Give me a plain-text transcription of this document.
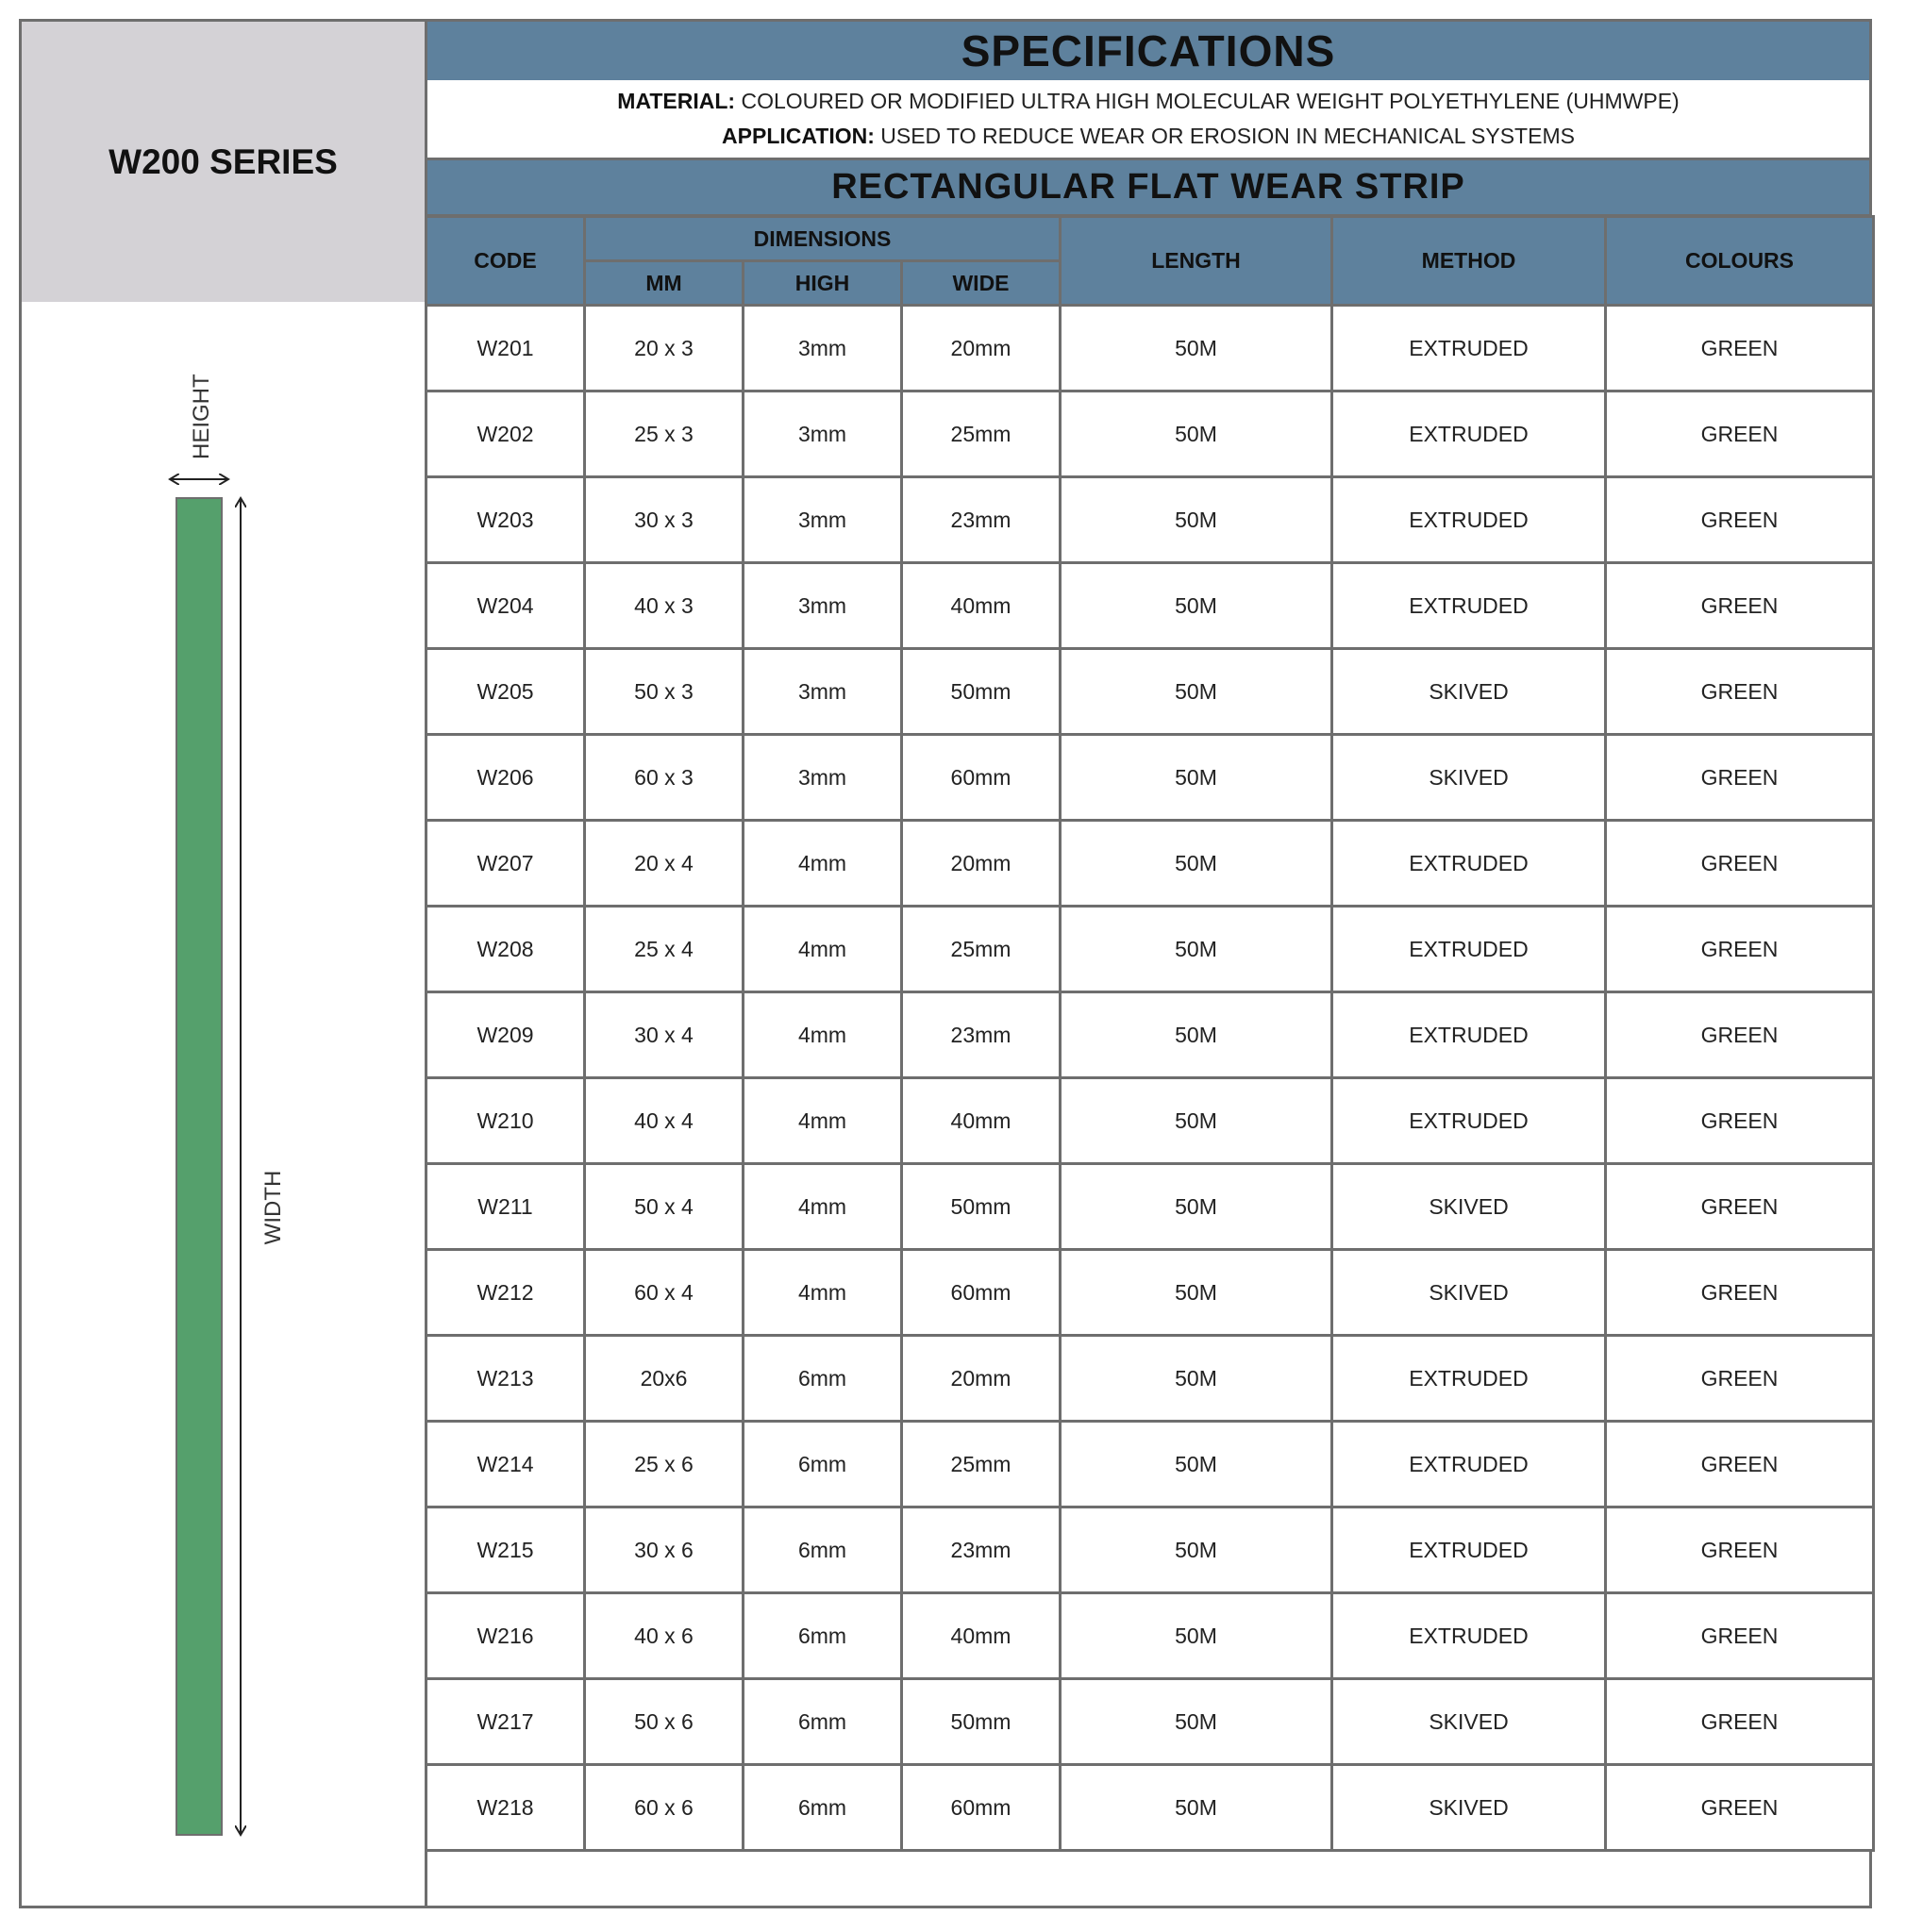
W200 SERIES
SPECIFICATIONS
MATERIAL: COLOURED OR MODIFIED ULTRA HIGH MOLECULAR WEIGHT POLYETHYLENE (UHMWPE)
APPLICATION: USED TO REDUCE WEAR OR EROSION IN MECHANICAL SYSTEMS
RECTANGULAR FLAT WEAR STRIP
CODE	DIMENSIONS			LENGTH	METHOD	COLOURS
	MM	HIGH	WIDE			
W201	20 x 3	3mm	20mm	50M	EXTRUDED	GREEN
W202	25 x 3	3mm	25mm	50M	EXTRUDED	GREEN
W203	30 x 3	3mm	23mm	50M	EXTRUDED	GREEN
W204	40 x 3	3mm	40mm	50M	EXTRUDED	GREEN
W205	50 x 3	3mm	50mm	50M	SKIVED	GREEN
W206	60 x 3	3mm	60mm	50M	SKIVED	GREEN
W207	20 x 4	4mm	20mm	50M	EXTRUDED	GREEN
W208	25 x 4	4mm	25mm	50M	EXTRUDED	GREEN
W209	30 x 4	4mm	23mm	50M	EXTRUDED	GREEN
W210	40 x 4	4mm	40mm	50M	EXTRUDED	GREEN
W211	50 x 4	4mm	50mm	50M	SKIVED	GREEN
W212	60 x 4	4mm	60mm	50M	SKIVED	GREEN
W213	20x6	6mm	20mm	50M	EXTRUDED	GREEN
W214	25 x 6	6mm	25mm	50M	EXTRUDED	GREEN
W215	30 x 6	6mm	23mm	50M	EXTRUDED	GREEN
W216	40 x 6	6mm	40mm	50M	EXTRUDED	GREEN
W217	50 x 6	6mm	50mm	50M	SKIVED	GREEN
W218	60 x 6	6mm	60mm	50M	SKIVED	GREEN
HEIGHT
WIDTH
